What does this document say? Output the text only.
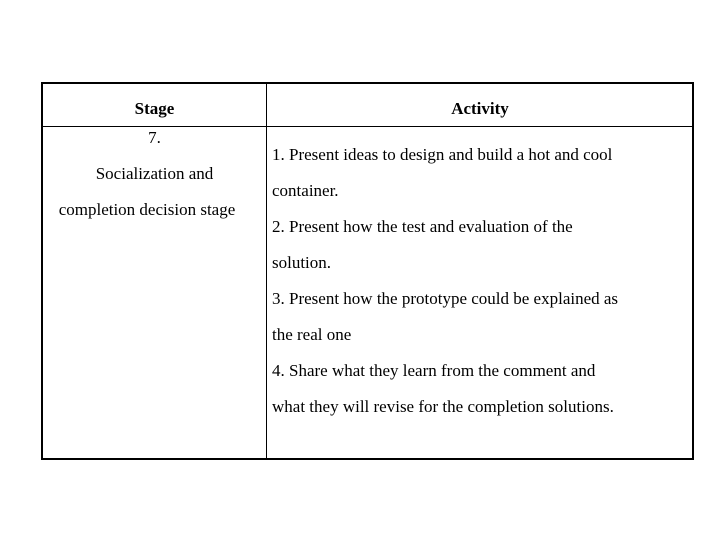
Stage	Activity
7.
Socialization and
completion decision stage
1. Present ideas to design and build a hot and cool
container.
2. Present how the test and evaluation of the
solution.
3. Present how the prototype could be explained as
the real one
4. Share what they learn from the comment and
what they will revise for the completion solutions.
